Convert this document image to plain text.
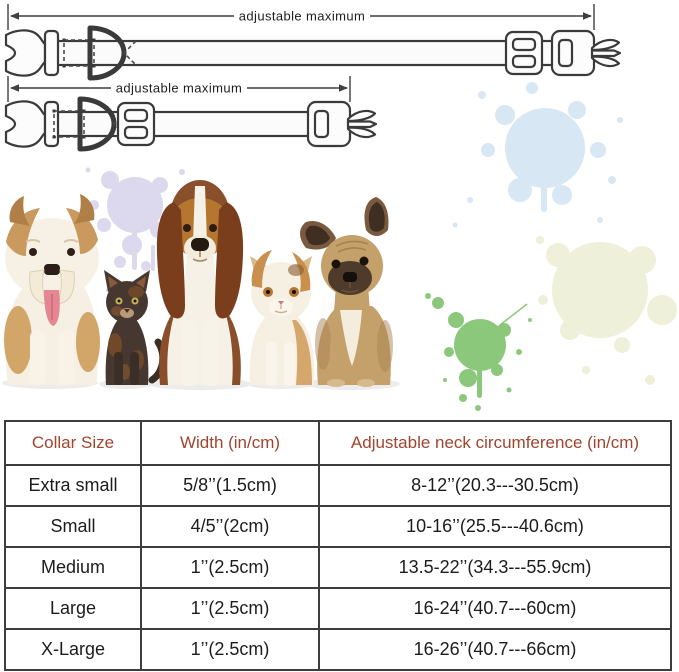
adjustable maximum
adjustable maximum
Collar Size	Width (in/cm)	Adjustable neck circumference (in/cm)
Extra small	5/8’’(1.5cm)	8-12’’(20.3---30.5cm)
Small	4/5’’(2cm)	10-16’’(25.5---40.6cm)
Medium	1’’(2.5cm)	13.5-22’’(34.3---55.9cm)
Large	1’’(2.5cm)	16-24’’(40.7---60cm)
X-Large	1’’(2.5cm)	16-26’’(40.7---66cm)
